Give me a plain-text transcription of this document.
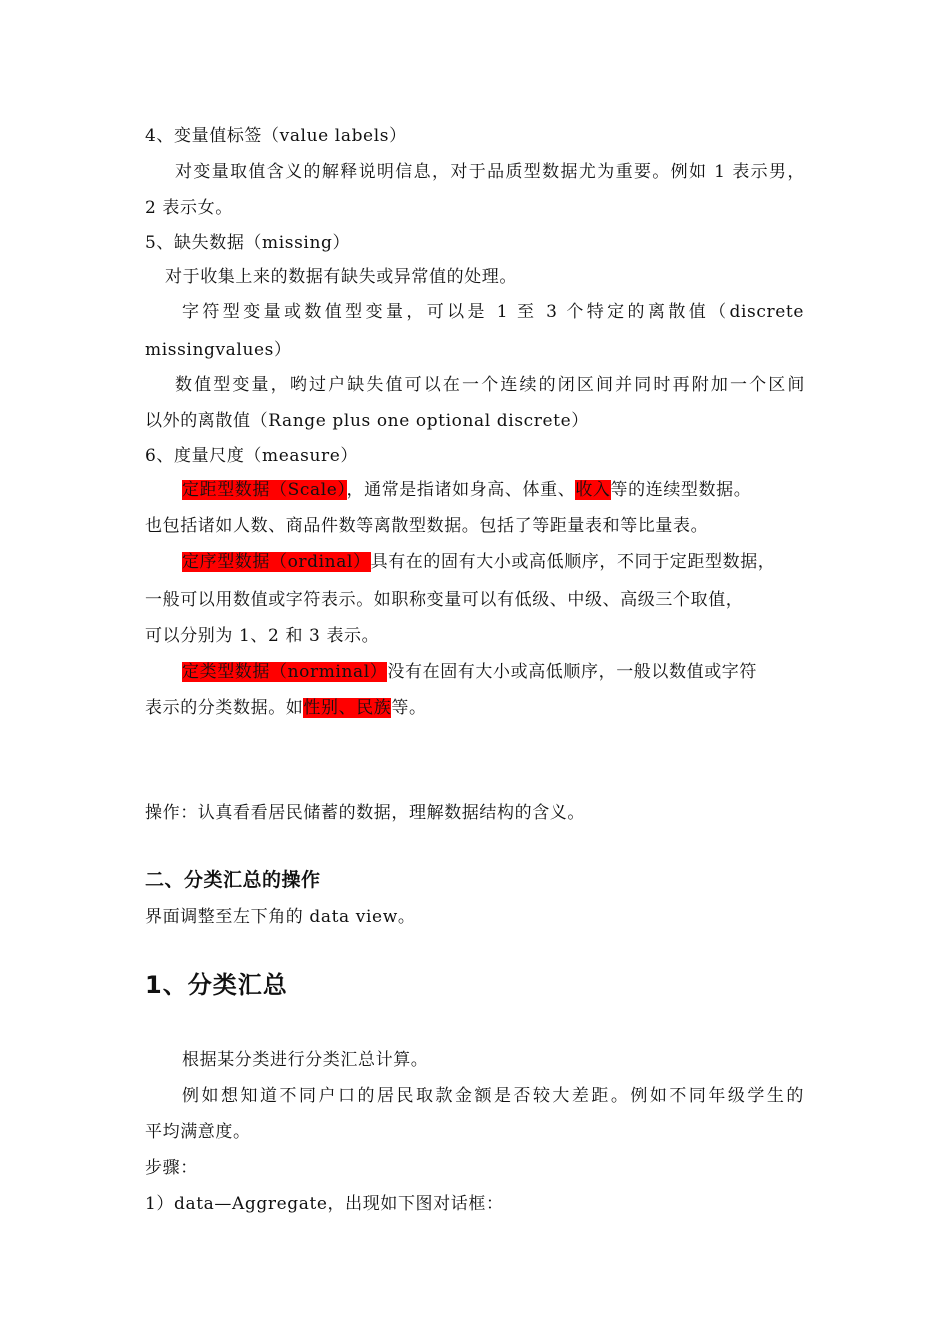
4、变量值标签（value labels）
对变量取值含义的解释说明信息，对于品质型数据尤为重要。例如 1 表示男，
2 表示女。
5、缺失数据（missing）
对于收集上来的数据有缺失或异常值的处理。
字符型变量或数值型变量，可以是 1 至 3 个特定的离散值（discrete
missingvalues）
数值型变量，哟过户缺失值可以在一个连续的闭区间并同时再附加一个区间
以外的离散值（Range plus one optional discrete）
6、度量尺度（measure）
定距型数据（Scale），通常是指诸如身高、体重、收入等的连续型数据。
也包括诸如人数、商品件数等离散型数据。包括了等距量表和等比量表。
定序型数据（ordinal）具有在的固有大小或高低顺序，不同于定距型数据，
一般可以用数值或字符表示。如职称变量可以有低级、中级、高级三个取值，
可以分别为 1、2 和 3 表示。
定类型数据（norminal）没有在固有大小或高低顺序，一般以数值或字符
表示的分类数据。如性别、民族等。
操作：认真看看居民储蓄的数据，理解数据结构的含义。
二、分类汇总的操作
界面调整至左下角的 data view。
1、分类汇总
根据某分类进行分类汇总计算。
例如想知道不同户口的居民取款金额是否较大差距。例如不同年级学生的
平均满意度。
步骤：
1）data—Aggregate，出现如下图对话框：
